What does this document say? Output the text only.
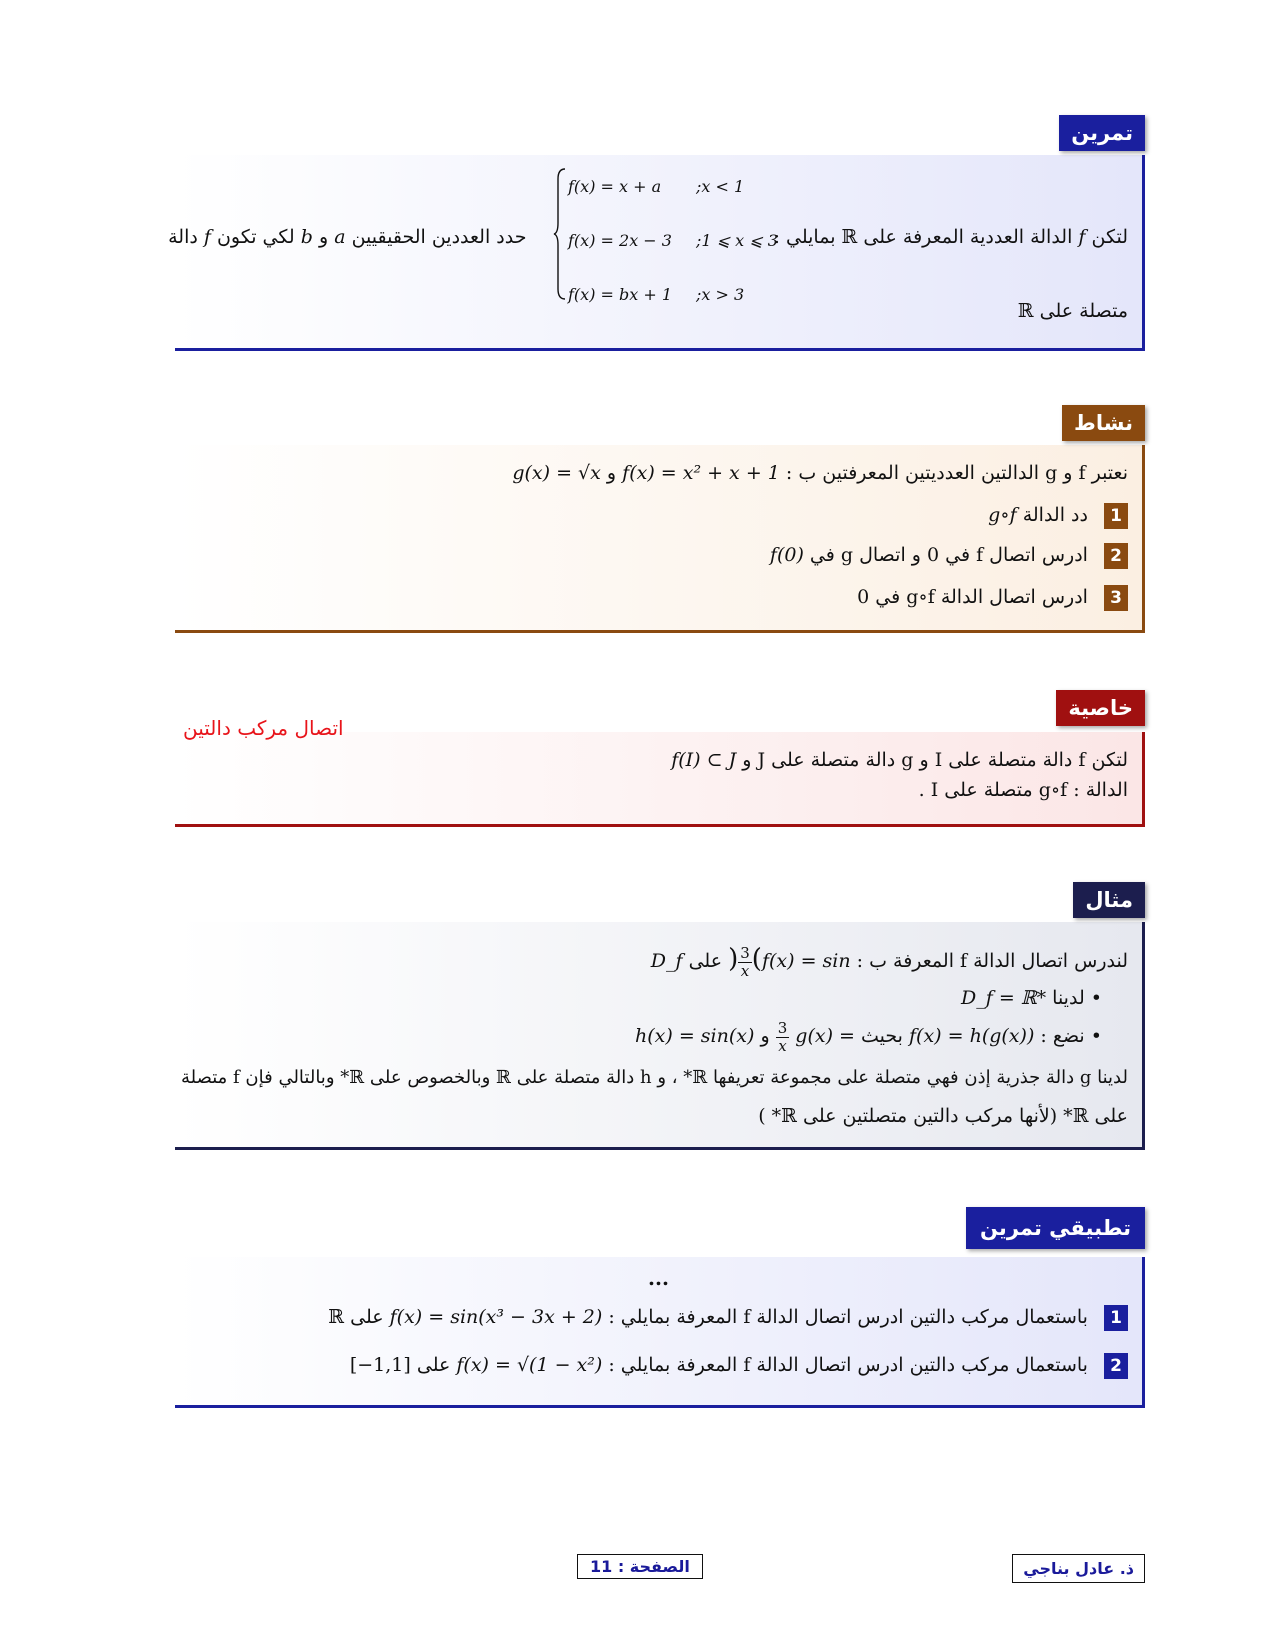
لتكن f الدالة العددية المعرفة على ℝ بمايلي :  حدد العددين الحقيقيين a و b لكي تكون f دالة
متصلة على ℝ
f(x) = x + a ;x < 1
f(x) = 2x − 3 ;1 ⩽ x ⩽ 3
f(x) = bx + 1 ;x > 3
تمرين
نعتبر f و g الدالتين العدديتين المعرفتين ب : f(x) = x² + x + 1 و g(x) = √x
1 دد الدالة g∘f
2 ادرس اتصال f في 0 و اتصال g في f(0)
3 ادرس اتصال الدالة g∘f في 0
نشاط
لتكن f دالة متصلة على I و g دالة متصلة على J و f(I) ⊂ J
الدالة : g∘f متصلة على I .
اتصال مركب دالتين
خاصية
لندرس اتصال الدالة f المعرفة ب : f(x) = sin(
$\frac{3}{x}$
) على D_f
• لدينا D_f = ℝ*
• نضع : f(x) = h(g(x)) بحيث g(x) =
$\frac{3}{x}$
و h(x) = sin(x)
لدينا g دالة جذرية إذن فهي متصلة على مجموعة تعريفها ℝ* ، و h دالة متصلة على ℝ وبالخصوص على ℝ* وبالتالي فإن f متصلة
على ℝ* (لأنها مركب دالتين متصلتين على ℝ* )
مثال
...
1 باستعمال مركب دالتين ادرس اتصال الدالة f المعرفة بمايلي : f(x) = sin(x³ − 3x + 2) على ℝ
2 باستعمال مركب دالتين ادرس اتصال الدالة f المعرفة بمايلي : f(x) = √(1 − x²) على [−1,1]
تطبيقي تمرين
الصفحة : 11	ذ. عادل بناجي
